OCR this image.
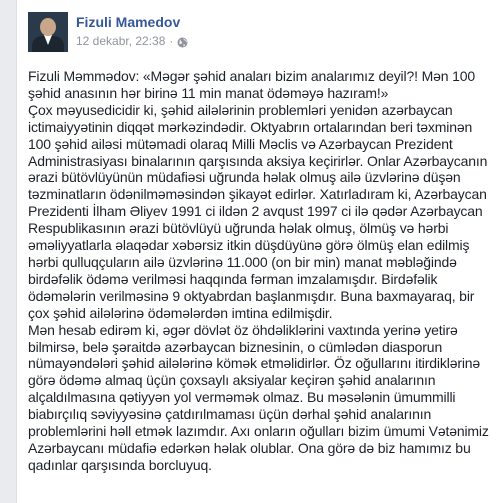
Fizuli Mamedov
12 dekabr, 22:38 ·

Fizuli Məmmədov: «Məgər şəhid anaları bizim analarımız deyil?! Mən 100 şəhid anasının hər birinə 11 min manat ödəməyə hazıram!»

Çox məyusedicidir ki, şəhid ailələrinin problemləri yenidən azərbaycan ictimaiyyətinin diqqət mərkəzindədir. Oktyabrın ortalarından beri təxminən 100 şəhid ailəsi mütəmadi olaraq Milli Məclis və Azərbaycan Prezident Administrasiyası binalarının qarşısında aksiya keçirirlər. Onlar Azərbaycanın ərazi bütövlüyünün müdafiəsi uğrunda həlak olmuş ailə üzvlərinə düşən təzminatların ödənilməməsindən şikayət edirlər. Xatırladıram ki, Azərbaycan Prezidenti İlham Əliyev 1991 ci ildən 2 avqust 1997 ci ilə qədər Azərbaycan Respublikasının ərazi bütövlüyü uğrunda həlak olmuş, ölmüş və hərbi əməliyyatlarla əlaqədar xəbərsiz itkin düşdüyünə görə ölmüş elan edilmiş hərbi qulluqçuların ailə üzvlərinə 11.000 (on bir min) manat məbləğində birdəfəlik ödəmə verilməsi haqqında fərman imzalamışdır. Birdəfəlik ödəmələrin verilməsinə 9 oktyabrdan başlanmışdır. Buna baxmayaraq, bir çox şəhid ailələrinə ödəmələrdən imtina edilmişdir.

Mən hesab edirəm ki, əgər dövlət öz öhdəliklərini vaxtında yerinə yetirə bilmirsə, belə şəraitdə azərbaycan biznesinin, o cümlədən diasporun nümayəndələri şəhid ailələrinə kömək etməlidirlər. Öz oğullarını itirdiklərinə görə ödəmə almaq üçün çoxsaylı aksiyalar keçirən şəhid analarının alçaldılmasına qətiyyən yol verməmək olmaz. Bu məsələnin ümummilli biabırçılıq səviyyəsinə çatdırılmaması üçün dərhal şəhid analarının problemlərini həll etmək lazımdır. Axı onların oğulları bizim ümumi Vətənimiz Azərbaycanı müdafiə edərkən həlak olublar. Ona görə də biz hamımız bu qadınlar qarşısında borcluyuq.
